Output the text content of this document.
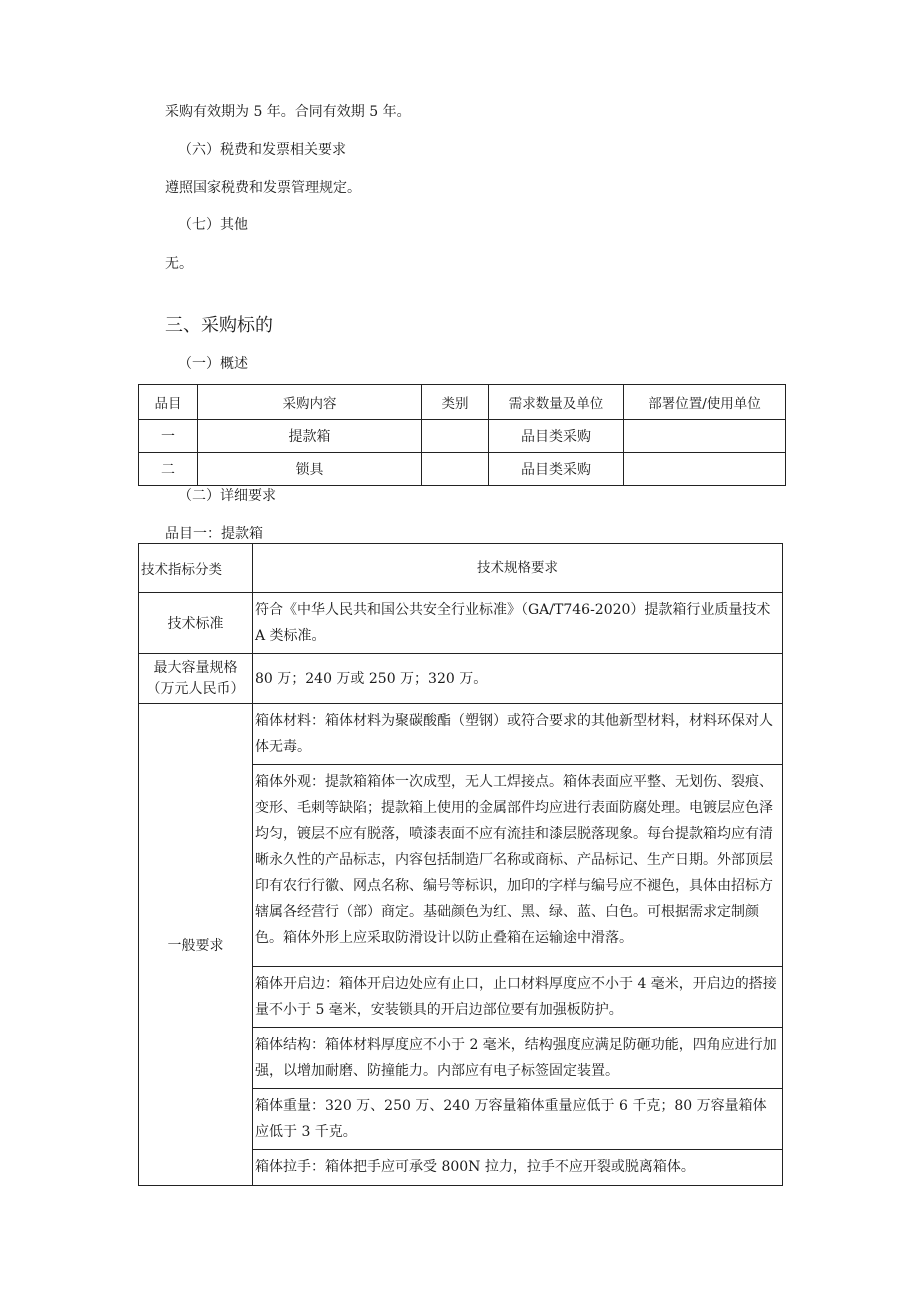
采购有效期为 5 年。合同有效期 5 年。
（六）税费和发票相关要求
遵照国家税费和发票管理规定。
（七）其他
无。
三、采购标的
（一）概述
品目	采购内容	类别	需求数量及单位	部署位置/使用单位
一	提款箱		品目类采购	
二	锁具		品目类采购	
（二）详细要求
品目一：提款箱
技术指标分类	技术规格要求
技术标准	符合《中华人民共和国公共安全行业标准》（GA/​T746-2020）提款箱行业质量技术A 类标准。
最大容量规格（万元人民币）	80 万；240 万或 250 万；320 万。
一般要求	箱体材料：箱体材料为聚碳酸酯（塑钢）或符合要求的其他新型材料，材料环保对人体无毒。
	箱体外观：提款箱箱体一次成型，无人工焊接点。箱体表面应平整、无划伤、裂痕、变形、毛刺等缺陷；提款箱上使用的金属部件均应进行表面防腐处理。电镀层应色泽均匀，镀层不应有脱落，喷漆表面不应有流挂和漆层脱落现象。每台提款箱均应有清晰永久性的产品标志，内容包括制造厂名称或商标、产品标记、生产日期。外部顶层印有农行行徽、网点名称、编号等标识，加印的字样与编号应不褪色，具体由招标方辖属各经营行（部）商定。基础颜色为红、黑、绿、蓝、白色。可根据需求定制颜色。箱体外形上应采取防滑设计以防止叠箱在运输途中滑落。
	箱体开启边：箱体开启边处应有止口，止口材料厚度应不小于 4 毫米，开启边的搭接量不小于 5 毫米，安装锁具的开启边部位要有加强板防护。
	箱体结构：箱体材料厚度应不小于 2 毫米，结构强度应满足防砸功能，四角应进行加强，以增加耐磨、防撞能力。内部应有电子标签固定装置。
	箱体重量：320 万、250 万、240 万容量箱体重量应低于 6 千克；80 万容量箱体应低于 3 千克。
	箱体拉手：箱体把手应可承受 800N 拉力，拉手不应开裂或脱离箱体。
